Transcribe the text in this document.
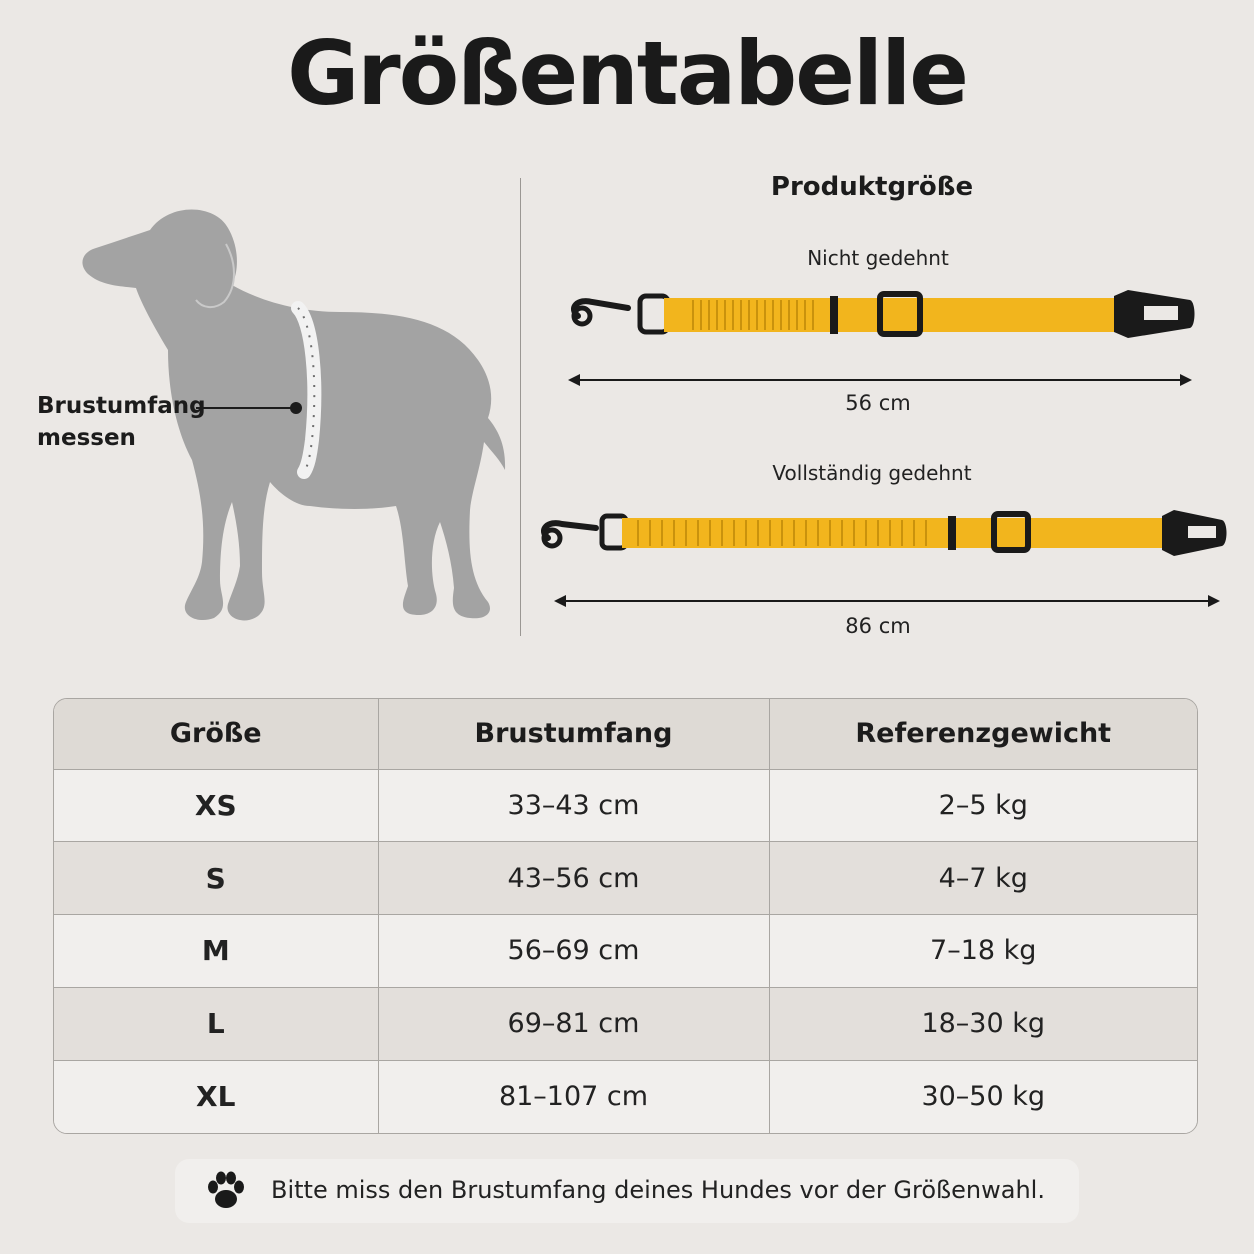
Größentabelle
Brustumfang
messen
Produktgröße
Nicht gedehnt
56 cm
Vollständig gedehnt
86 cm
Größe	Brustumfang	Referenzgewicht
XS	33–43 cm	2–5 kg
S	43–56 cm	4–7 kg
M	56–69 cm	7–18 kg
L	69–81 cm	18–30 kg
XL	81–107 cm	30–50 kg
Bitte miss den Brustumfang deines Hundes vor der Größenwahl.
